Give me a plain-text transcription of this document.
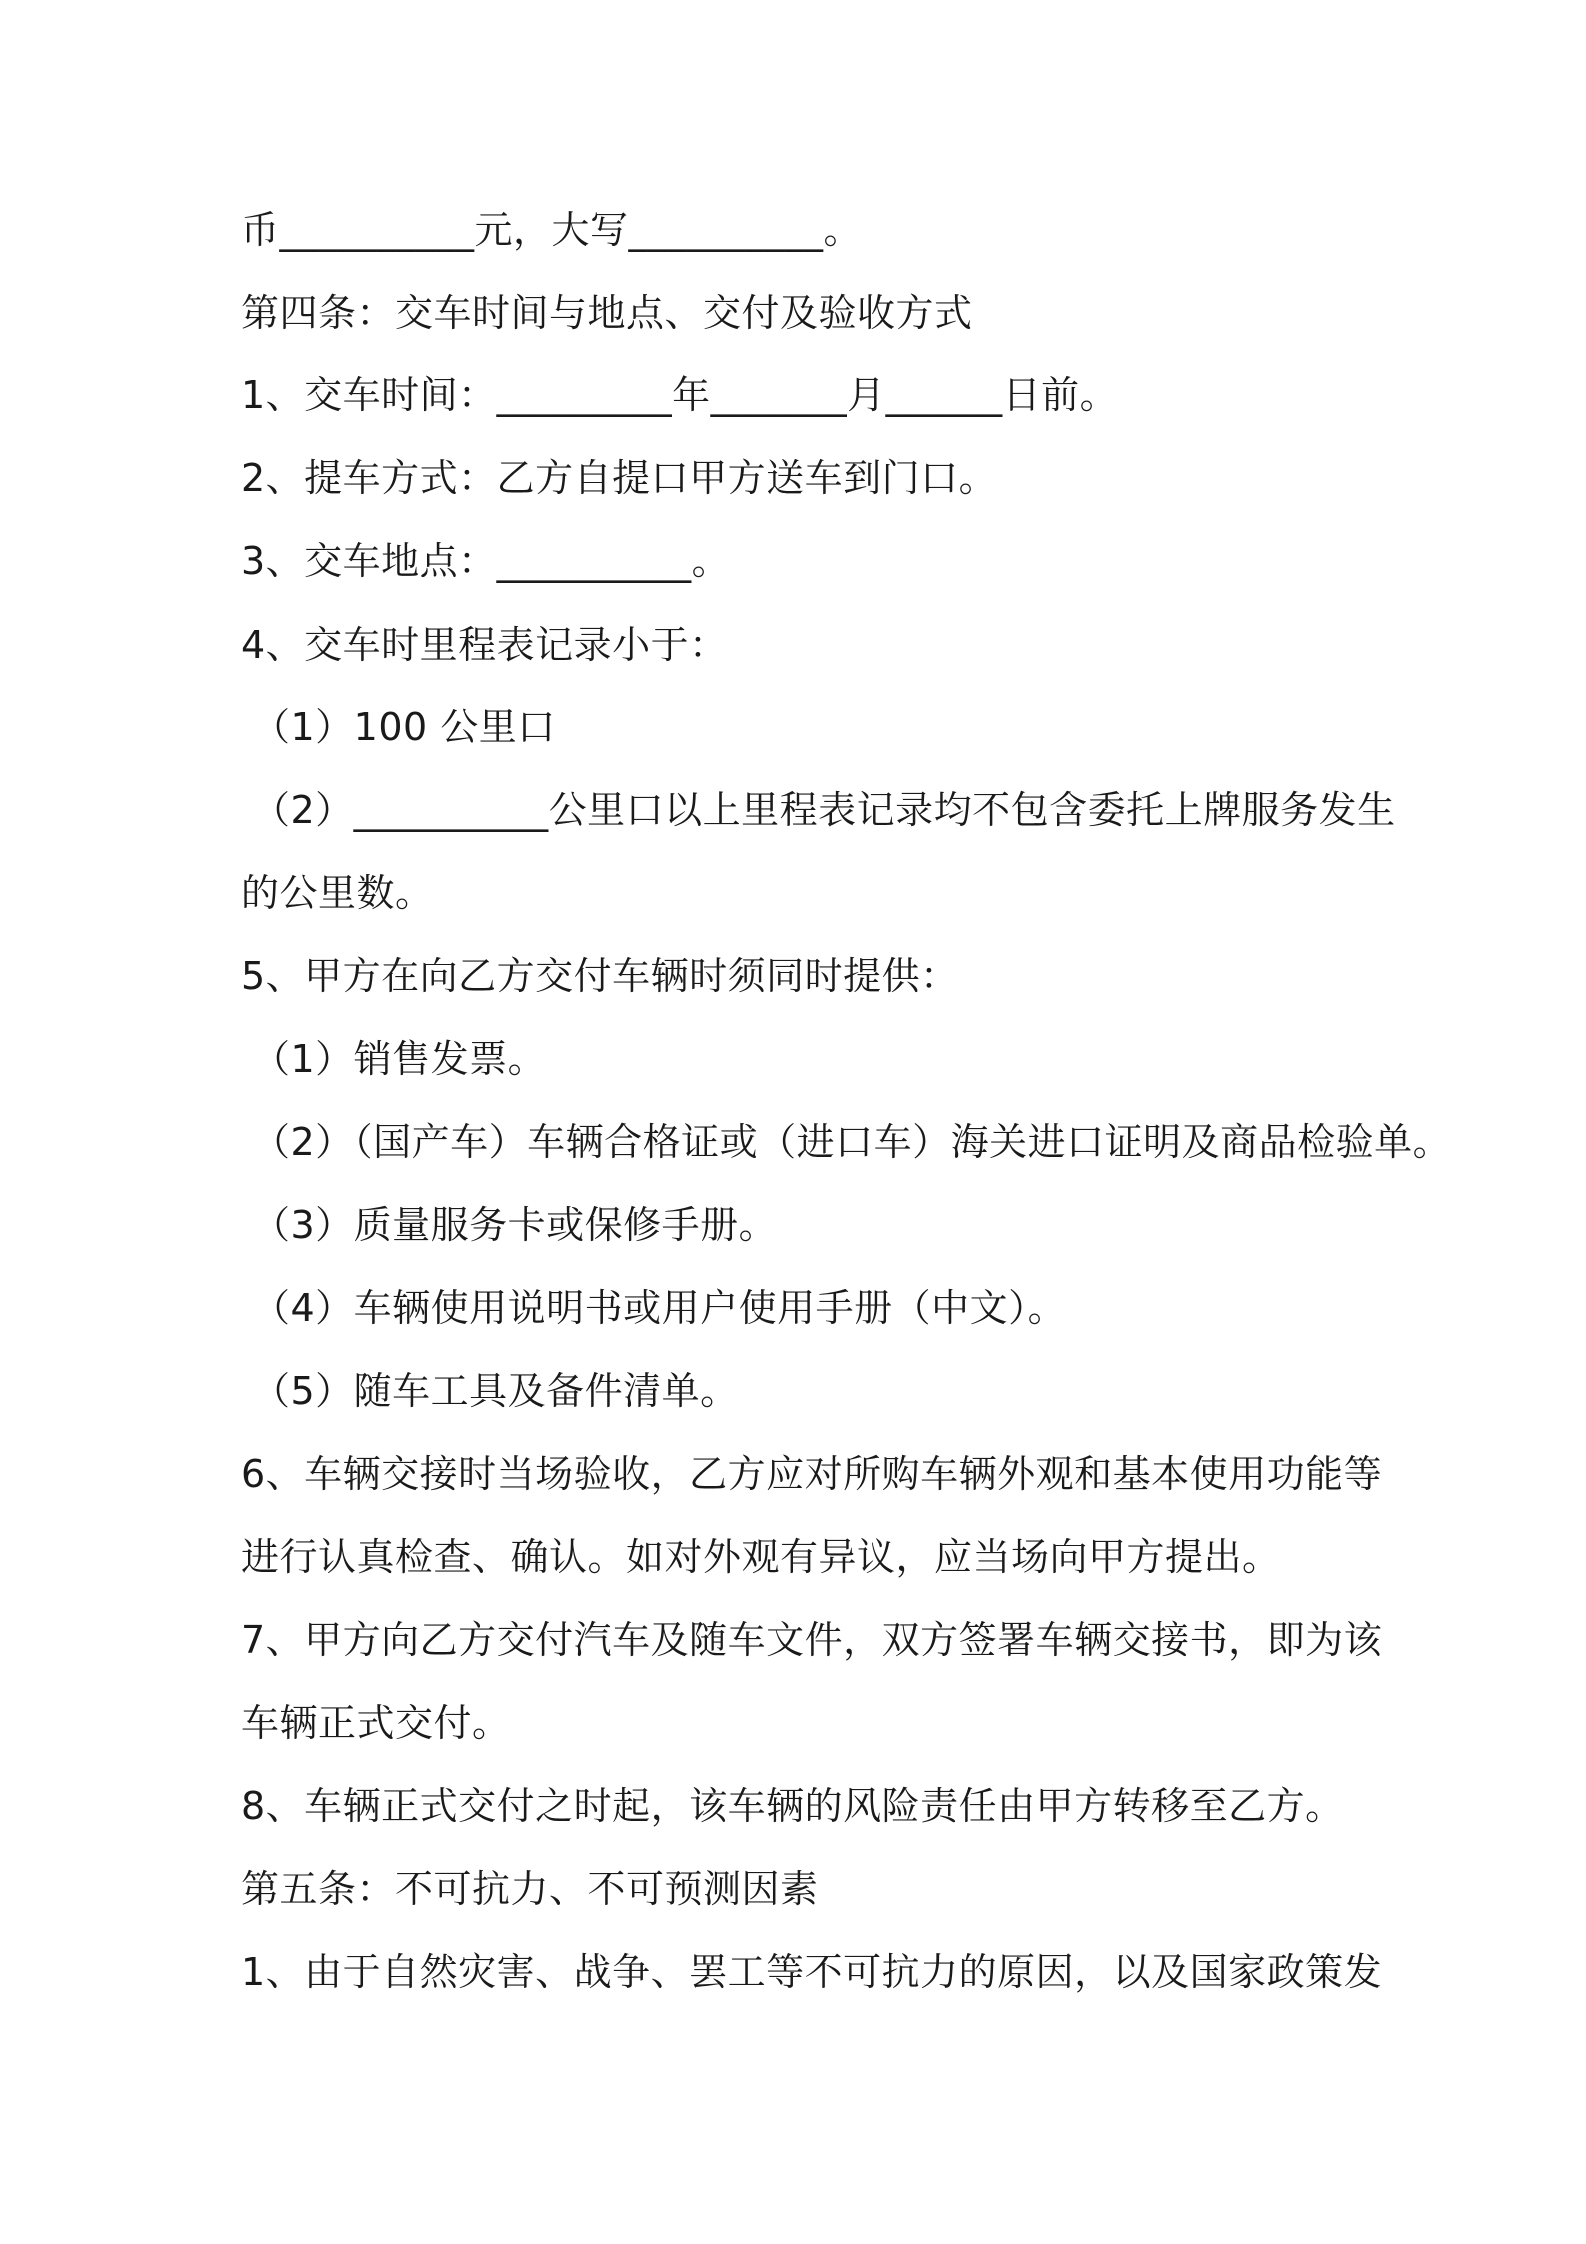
币__________元，大写__________。
第四条：交车时间与地点、交付及验收方式
1、交车时间：_________年_______月______日前。
2、提车方式：乙方自提口甲方送车到门口。
3、交车地点：__________。
4、交车时里程表记录小于：
（1）100 公里口
（2）__________公里口以上里程表记录均不包含委托上牌服务发生
的公里数。
5、甲方在向乙方交付车辆时须同时提供：
（1）销售发票。
（2）（国产车）车辆合格证或（进口车）海关进口证明及商品检验单。
（3）质量服务卡或保修手册。
（4）车辆使用说明书或用户使用手册（中文）。
（5）随车工具及备件清单。
6、车辆交接时当场验收，乙方应对所购车辆外观和基本使用功能等
进行认真检查、确认。如对外观有异议，应当场向甲方提出。
7、甲方向乙方交付汽车及随车文件，双方签署车辆交接书，即为该
车辆正式交付。
8、车辆正式交付之时起，该车辆的风险责任由甲方转移至乙方。
第五条：不可抗力、不可预测因素
1、由于自然灾害、战争、罢工等不可抗力的原因，以及国家政策发
